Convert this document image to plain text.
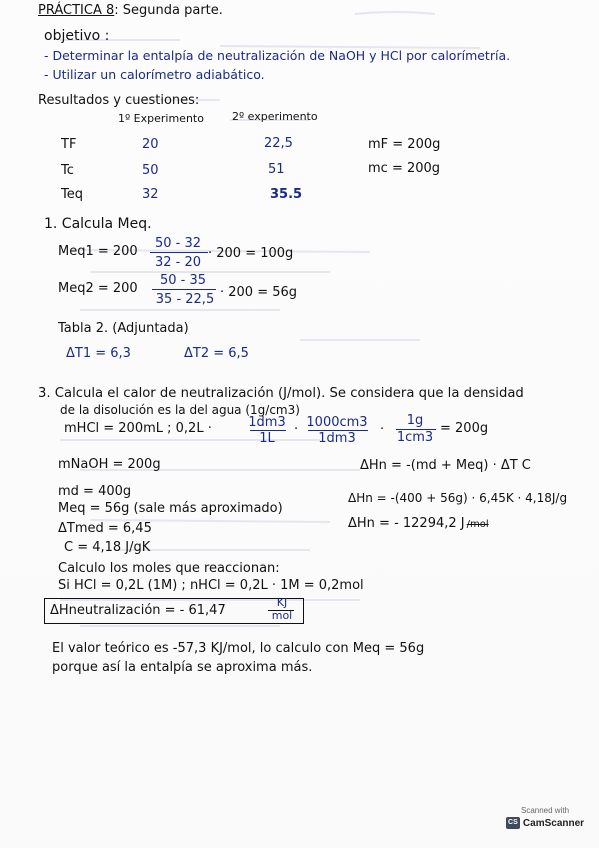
PRÁCTICA 8: Segunda parte.
objetivo :
- Determinar la entalpía de neutralización de NaOH y HCl por calorímetría.
- Utilizar un calorímetro adiabático.
Resultados y cuestiones:
1º Experimento	2º experimento
TF	20	22,5	mF = 200g
Tc	50	51	mc = 200g
Teq	32	35.5
1. Calcula Meq.
Meq1 = 200
50 - 32
32 - 20
· 200 = 100g
Meq2 = 200
50 - 35
35 - 22,5 · 200 = 56g
Tabla 2. (Adjuntada)
ΔT1 = 6,3	ΔT2 = 6,5
3. Calcula el calor de neutralización (J/mol). Se considera que la densidad
de la disolución es la del agua (1g/cm3)
mHCl = 200mL ; 0,2L ·	1dm3
1L
· 1000cm3
1dm3
·
1g
1cm3
= 200g
mNaOH = 200g	ΔHn = -(md + Meq) · ΔT C
md = 400g
Meq = 56g (sale más aproximado)
ΔHn = -(400 + 56g) · 6,45K · 4,18J/g
ΔTmed = 6,45	ΔHn = - 12294,2 J /mol
C = 4,18 J/gK
Calculo los moles que reaccionan:
Si HCl = 0,2L (1M) ; nHCl = 0,2L · 1M = 0,2mol
ΔHneutralización = - 61,47
KJ
mol
El valor teórico es -57,3 KJ/mol, lo calculo con Meq = 56g
porque así la entalpía se aproxima más.
Scanned with
CS CamScanner
